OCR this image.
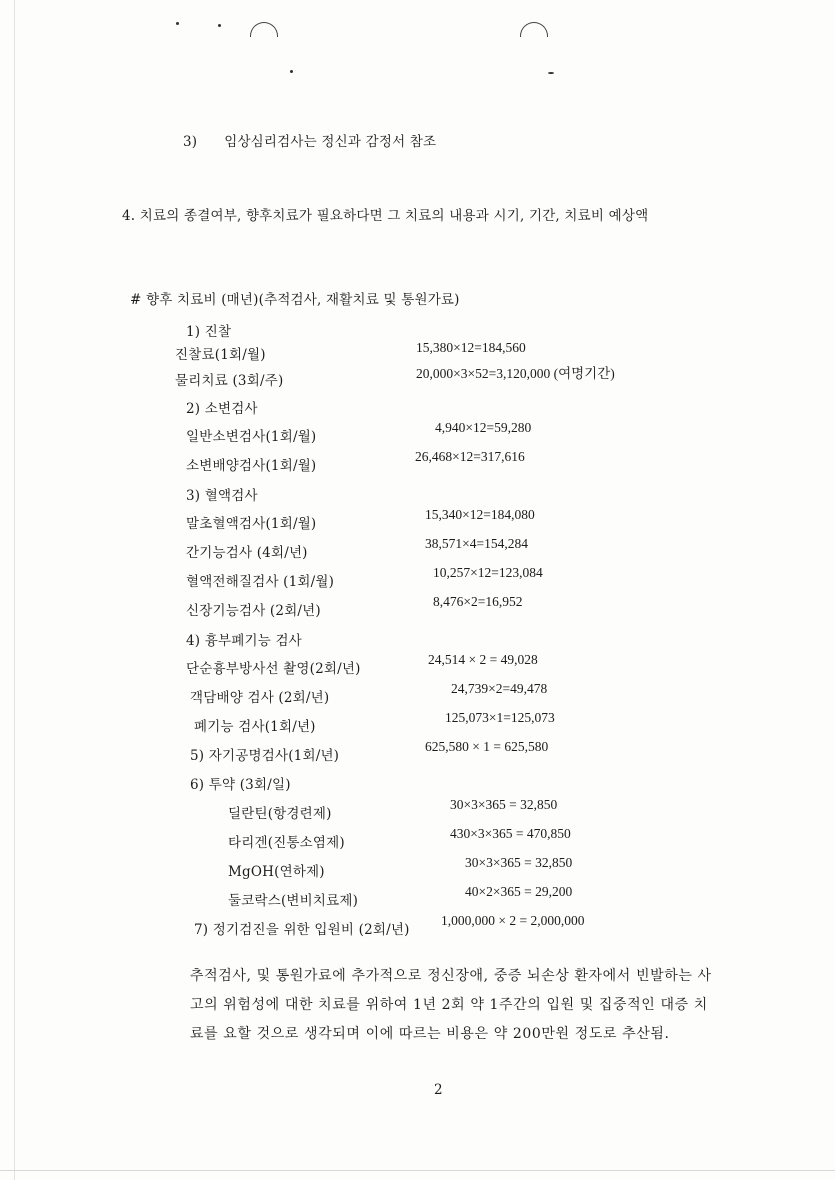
3)      임상심리검사는 정신과 감정서 참조
4. 치료의 종결여부, 향후치료가 필요하다면 그 치료의 내용과 시기, 기간, 치료비 예상액
# 향후 치료비 (매년)(추적검사, 재활치료 및 통원가료)
1) 진찰
진찰료(1회/월)	15,380×12=184,560
물리치료 (3회/주)	20,000×3×52=3,120,000 (여명기간)
2) 소변검사
일반소변검사(1회/월)
4,940×12=59,280
소변배양검사(1회/월)
26,468×12=317,616
3) 혈액검사
말초혈액검사(1회/월)
15,340×12=184,080
간기능검사 (4회/년)
38,571×4=154,284
혈액전해질검사 (1회/월)
10,257×12=123,084
신장기능검사 (2회/년)
8,476×2=16,952
4) 흉부폐기능 검사
단순흉부방사선 촬영(2회/년)
24,514 × 2 = 49,028
객담배양 검사 (2회/년)
24,739×2=49,478
폐기능 검사(1회/년)
125,073×1=125,073
5) 자기공명검사(1회/년)
625,580 × 1 = 625,580
6) 투약 (3회/일)
딜란틴(항경련제)
30×3×365 = 32,850
타리겐(진통소염제)
430×3×365 = 470,850
MgOH(연하제)
30×3×365 = 32,850
둘코락스(변비치료제)
40×2×365 = 29,200
7) 정기검진을 위한 입원비 (2회/년)
1,000,000 × 2 = 2,000,000
추적검사, 및 통원가료에 추가적으로 정신장애, 중증 뇌손상 환자에서 빈발하는 사
고의 위험성에 대한 치료를 위하여 1년 2회 약 1주간의 입원 및 집중적인 대증 치
료를 요할 것으로 생각되며 이에 따르는 비용은 약 200만원 정도로 추산됨.
2
